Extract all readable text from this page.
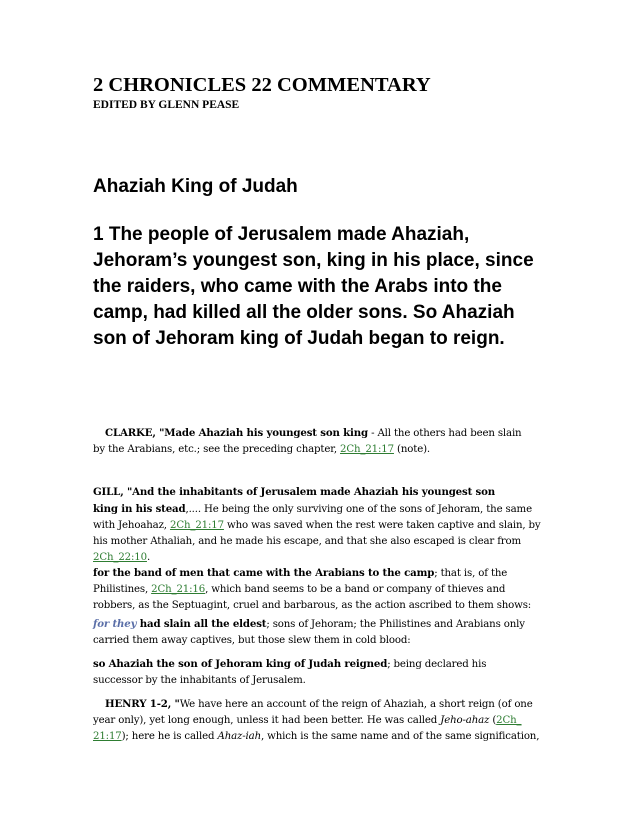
2 CHRONICLES 22 COMMENTARY
EDITED BY GLENN PEASE
Ahaziah King of Judah
1 The people of Jerusalem made Ahaziah,
Jehoram’s youngest son, king in his place, since
the raiders, who came with the Arabs into the
camp, had killed all the older sons. So Ahaziah
son of Jehoram king of Judah began to reign.
CLARKE, "Made Ahaziah his youngest son king - All the others had been slain
by the Arabians, etc.; see the preceding chapter, 2Ch_21:17 (note).
GILL, "And the inhabitants of Jerusalem made Ahaziah his youngest son
king in his stead,.... He being the only surviving one of the sons of Jehoram, the same
with Jehoahaz, 2Ch_21:17 who was saved when the rest were taken captive and slain, by
his mother Athaliah, and he made his escape, and that she also escaped is clear from
2Ch_22:10.
for the band of men that came with the Arabians to the camp; that is, of the
Philistines, 2Ch_21:16, which band seems to be a band or company of thieves and
robbers, as the Septuagint, cruel and barbarous, as the action ascribed to them shows:
for they had slain all the eldest; sons of Jehoram; the Philistines and Arabians only
carried them away captives, but those slew them in cold blood:
so Ahaziah the son of Jehoram king of Judah reigned; being declared his
successor by the inhabitants of Jerusalem.
HENRY 1-2, "We have here an account of the reign of Ahaziah, a short reign (of one
year only), yet long enough, unless it had been better. He was called Jeho-ahaz (2Ch_
21:17); here he is called Ahaz-iah, which is the same name and of the same signification,
